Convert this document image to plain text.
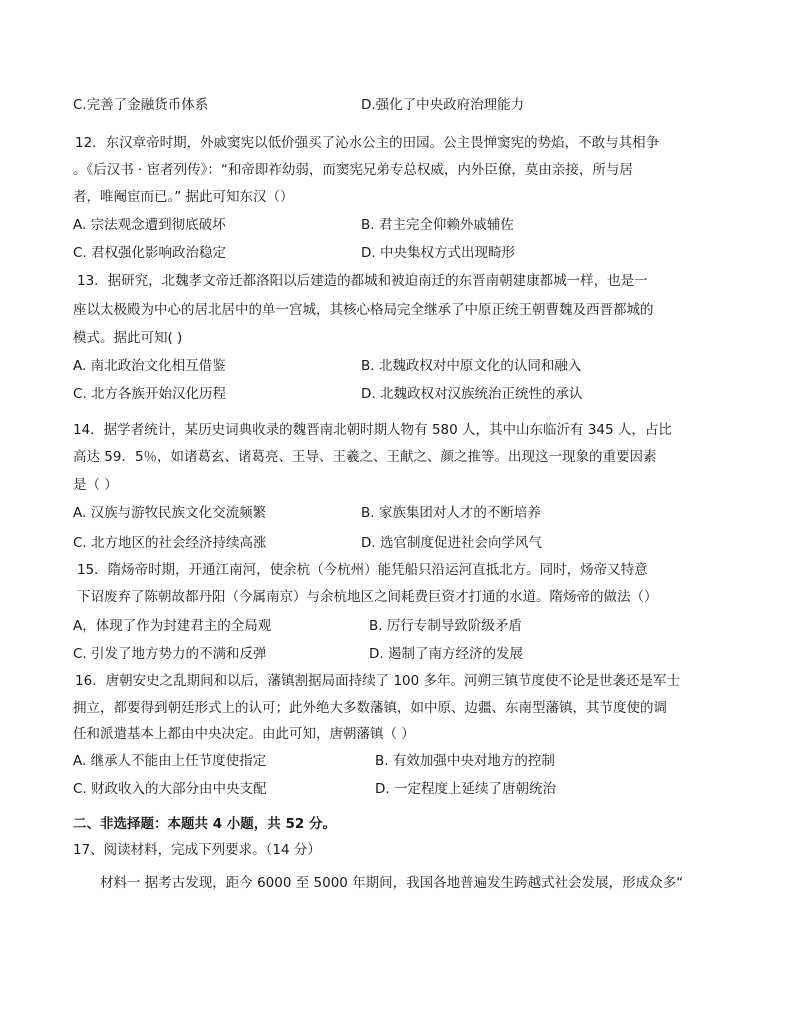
C.完善了金融货币体系	D.强化了中央政府治理能力
12．东汉章帝时期，外戚窦宪以低价强买了沁水公主的田园。公主畏惮窦宪的势焰，不敢与其相争
。《后汉书 · 宦者列传》：“和帝即祚幼弱，而窦宪兄弟专总权威，内外臣僚，莫由亲接，所与居
者，唯阉宦而已。” 据此可知东汉（）
A. 宗法观念遭到彻底破坏	B. 君主完全仰赖外戚辅佐
C. 君权强化影响政治稳定	D. 中央集权方式出现畸形
13．据研究，北魏孝文帝迁都洛阳以后建造的都城和被迫南迁的东晋南朝建康都城一样，也是一
座以太极殿为中心的居北居中的单一宫城，其核心格局完全继承了中原正统王朝曹魏及西晋都城的
模式。据此可知( )
A. 南北政治文化相互借鉴	B. 北魏政权对中原文化的认同和融入
C. 北方各族开始汉化历程	D. 北魏政权对汉族统治正统性的承认
14．据学者统计，某历史词典收录的魏晋南北朝时期人物有 580 人，其中山东临沂有 345 人，占比
高达 59．5％，如诸葛玄、诸葛亮、王导、王羲之、王献之、颜之推等。出现这一现象的重要因素
是（ ）
A. 汉族与游牧民族文化交流频繁	B. 家族集团对人才的不断培养
C. 北方地区的社会经济持续高涨	D. 选官制度促进社会向学风气
15．隋炀帝时期，开通江南河，使余杭（今杭州）能凭船只沿运河直抵北方。同时，炀帝又特意
下诏废弃了陈朝故都丹阳（今属南京）与余杭地区之间耗费巨资才打通的水道。隋炀帝的做法（）
A，体现了作为封建君主的全局观	B. 厉行专制导致阶级矛盾
C. 引发了地方势力的不满和反弹	D. 遏制了南方经济的发展
16．唐朝安史之乱期间和以后，藩镇割据局面持续了 100 多年。河朔三镇节度使不论是世袭还是军士
拥立，都要得到朝廷形式上的认可；此外绝大多数藩镇，如中原、边疆、东南型藩镇，其节度使的调
任和派遣基本上都由中央决定。由此可知，唐朝藩镇（ ）
A. 继承人不能由上任节度使指定	B. 有效加强中央对地方的控制
C. 财政收入的大部分由中央支配	D. 一定程度上延续了唐朝统治
二、非选择题：本题共 4 小题，共 52 分。
17、阅读材料，完成下列要求。（14 分）
材料一 据考古发现，距今 6000 至 5000 年期间，我国各地普遍发生跨越式社会发展，形成众多“
